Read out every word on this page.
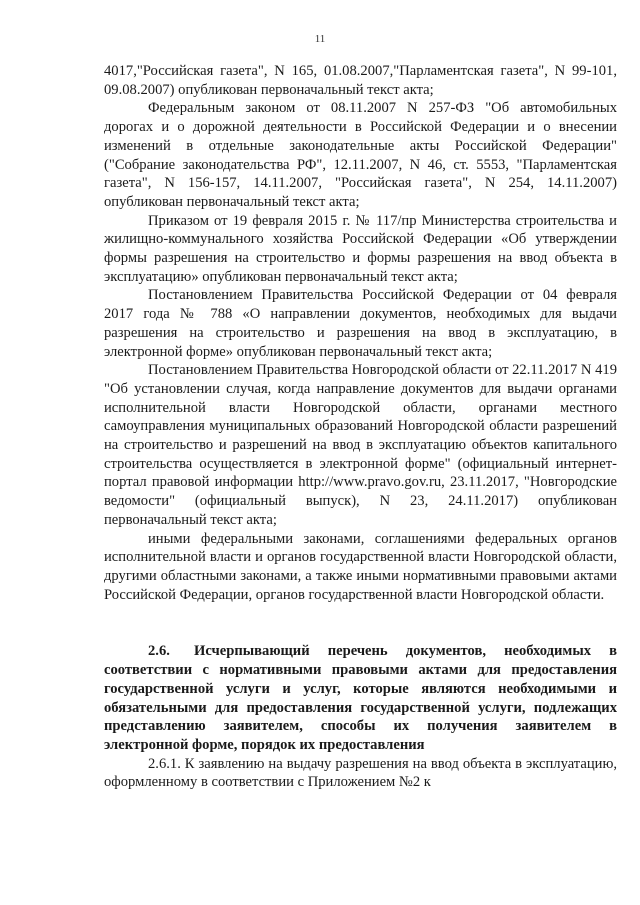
11

4017,"Российская газета", N 165, 01.08.2007,"Парламентская газета", N 99-101, 09.08.2007) опубликован первоначальный текст акта;

Федеральным законом от 08.11.2007 N 257-ФЗ "Об автомобильных дорогах и о дорожной деятельности в Российской Федерации и о внесении изменений в отдельные законодательные акты Российской Федерации" ("Собрание законодательства РФ", 12.11.2007, N 46, ст. 5553, "Парламентская газета", N 156-157, 14.11.2007, "Российская газета", N 254, 14.11.2007) опубликован первоначальный текст акта;

Приказом от 19 февраля 2015 г. № 117/пр Министерства строительства и жилищно-коммунального хозяйства Российской Федерации «Об утверждении формы разрешения на строительство и формы разрешения на ввод объекта в эксплуатацию» опубликован первоначальный текст акта;

Постановлением Правительства Российской Федерации от 04 февраля 2017 года № 788 «О направлении документов, необходимых для выдачи разрешения на строительство и разрешения на ввод в эксплуатацию, в электронной форме» опубликован первоначальный текст акта;

Постановлением Правительства Новгородской области от 22.11.2017 N 419 "Об установлении случая, когда направление документов для выдачи органами исполнительной власти Новгородской области, органами местного самоуправления муниципальных образований Новгородской области разрешений на строительство и разрешений на ввод в эксплуатацию объектов капитального строительства осуществляется в электронной форме" (официальный интернет-портал правовой информации http://www.pravo.gov.ru, 23.11.2017, "Новгородские ведомости" (официальный выпуск), N 23, 24.11.2017) опубликован первоначальный текст акта;

иными федеральными законами, соглашениями федеральных органов исполнительной власти и органов государственной власти Новгородской области, другими областными законами, а также иными нормативными правовыми актами Российской Федерации, органов государственной власти Новгородской области.

2.6. Исчерпывающий перечень документов, необходимых в соответствии с нормативными правовыми актами для предоставления государственной услуги и услуг, которые являются необходимыми и обязательными для предоставления государственной услуги, подлежащих представлению заявителем, способы их получения заявителем в электронной форме, порядок их предоставления

2.6.1. К заявлению на выдачу разрешения на ввод объекта в эксплуатацию, оформленному в соответствии с Приложением №2 к
